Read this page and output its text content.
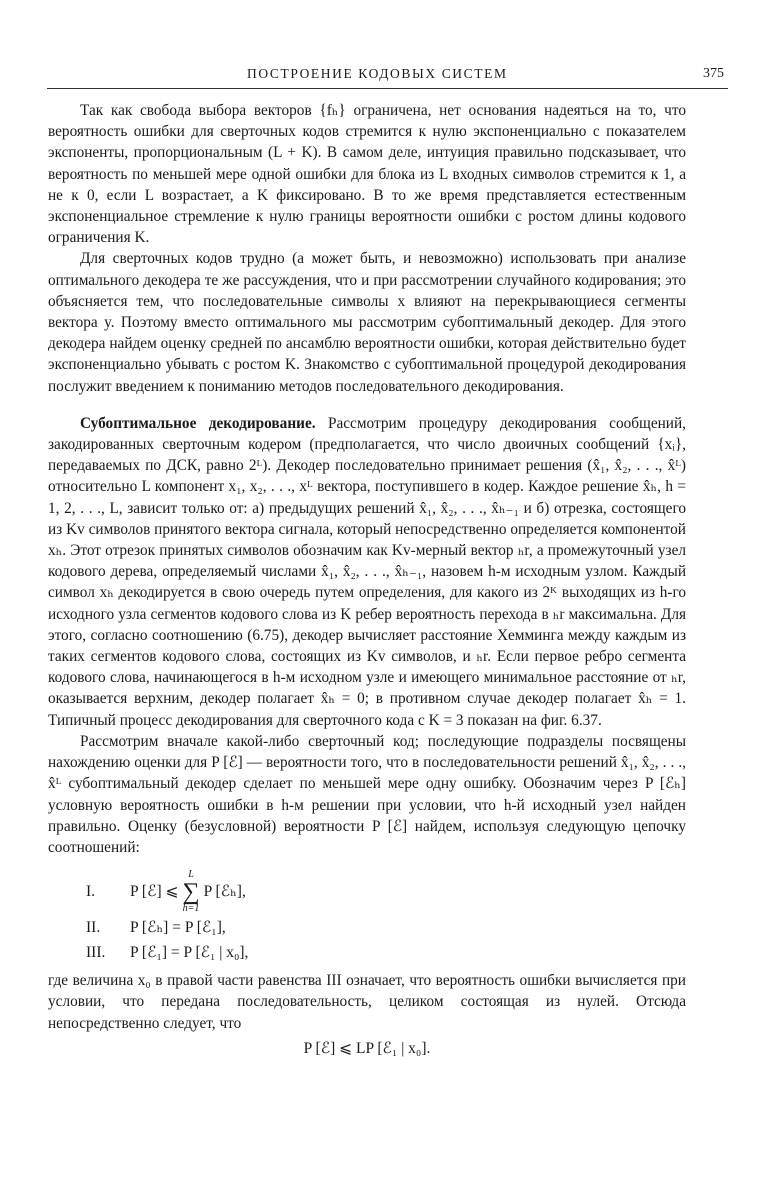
ПОСТРОЕНИЕ КОДОВЫХ СИСТЕМ	375

Так как свобода выбора векторов {fₕ} ограничена, нет основания надеяться на то, что вероятность ошибки для сверточных кодов стремится к нулю экспоненциально с показателем экспоненты, пропорциональным (L + K). В самом деле, интуиция правильно подсказывает, что вероятность по меньшей мере одной ошибки для блока из L входных символов стремится к 1, а не к 0, если L возрастает, а K фиксировано. В то же время представляется естественным экспоненциальное стремление к нулю границы вероятности ошибки с ростом длины кодового ограничения K.

Для сверточных кодов трудно (а может быть, и невозможно) использовать при анализе оптимального декодера те же рассуждения, что и при рассмотрении случайного кодирования; это объясняется тем, что последовательные символы x влияют на перекрывающиеся сегменты вектора y. Поэтому вместо оптимального мы рассмотрим субоптимальный декодер. Для этого декодера найдем оценку средней по ансамблю вероятности ошибки, которая действительно будет экспоненциально убывать с ростом K. Знакомство с субоптимальной процедурой декодирования послужит введением к пониманию методов последовательного декодирования.

Субоптимальное декодирование. Рассмотрим процедуру декодирования сообщений, закодированных сверточным кодером (предполагается, что число двоичных сообщений {xᵢ}, передаваемых по ДСК, равно 2ᴸ). Декодер последовательно принимает решения (x̂₁, x̂₂, . . ., x̂ᴸ) относительно L компонент x₁, x₂, . . ., xᴸ вектора, поступившего в кодер. Каждое решение x̂ₕ, h = 1, 2, . . ., L, зависит только от: а) предыдущих решений x̂₁, x̂₂, . . ., x̂ₕ₋₁ и б) отрезка, состоящего из Kv символов принятого вектора сигнала, который непосредственно определяется компонентой xₕ. Этот отрезок принятых символов обозначим как Kv-мерный вектор ₕr, а промежуточный узел кодового дерева, определяемый числами x̂₁, x̂₂, . . ., x̂ₕ₋₁, назовем h-м исходным узлом. Каждый символ xₕ декодируется в свою очередь путем определения, для какого из 2ᴷ выходящих из h-го исходного узла сегментов кодового слова из K ребер вероятность перехода в ₕr максимальна. Для этого, согласно соотношению (6.75), декодер вычисляет расстояние Хемминга между каждым из таких сегментов кодового слова, состоящих из Kv символов, и ₕr. Если первое ребро сегмента кодового слова, начинающегося в h-м исходном узле и имеющего минимальное расстояние от ₕr, оказывается верхним, декодер полагает x̂ₕ = 0; в противном случае декодер полагает x̂ₕ = 1. Типичный процесс декодирования для сверточного кода с K = 3 показан на фиг. 6.37.

Рассмотрим вначале какой-либо сверточный код; последующие подразделы посвящены нахождению оценки для P [ℰ] — вероятности того, что в последовательности решений x̂₁, x̂₂, . . ., x̂ᴸ субоптимальный декодер сделает по меньшей мере одну ошибку. Обозначим через P [ℰₕ] условную вероятность ошибки в h-м решении при условии, что h-й исходный узел найден правильно. Оценку (безусловной) вероятности P [ℰ] найдем, используя следующую цепочку соотношений:

I.	P [ℰ] ⩽
L
∑
h=1
P [ℰₕ],
II.	P [ℰₕ] = P [ℰ₁],
III.	P [ℰ₁] = P [ℰ₁ | x₀],

где величина x₀ в правой части равенства III означает, что вероятность ошибки вычисляется при условии, что передана последовательность, целиком состоящая из нулей. Отсюда непосредственно следует, что

P [ℰ] ⩽ LP [ℰ₁ | x₀].
